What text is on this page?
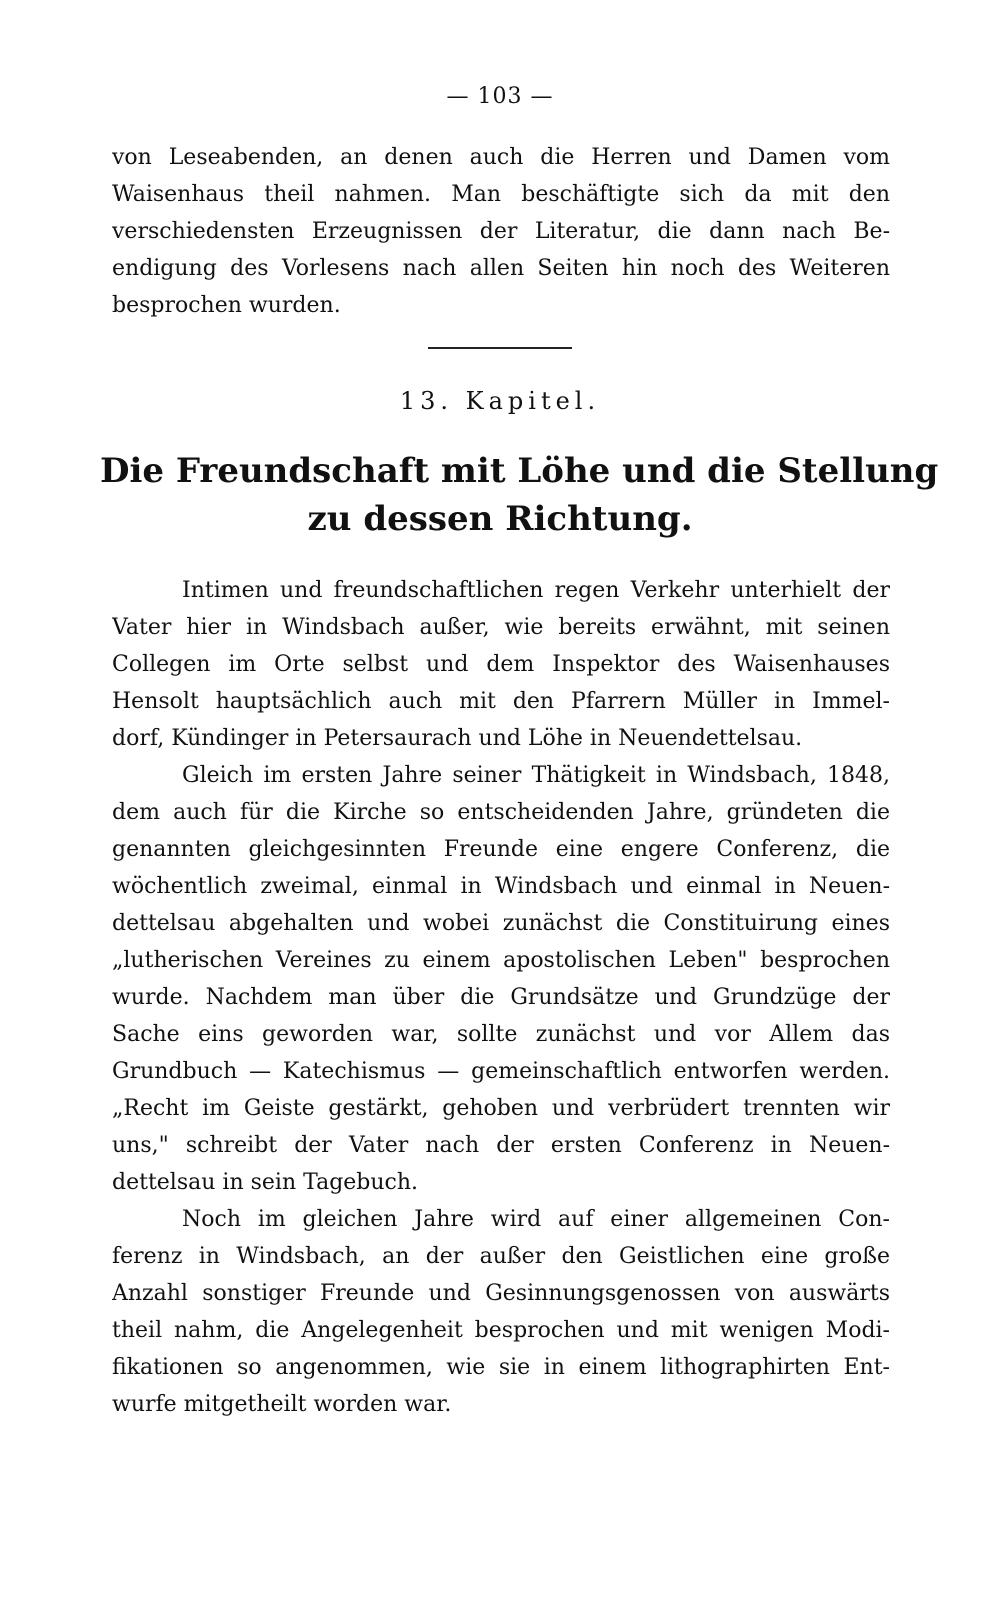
— 103 —
von Leseabenden, an denen auch die Herren und Damen vom
Waisenhaus theil nahmen. Man beschäftigte sich da mit den
verschiedensten Erzeugnissen der Literatur, die dann nach Be-
endigung des Vorlesens nach allen Seiten hin noch des Weiteren
besprochen wurden.
13. Kapitel.
Die Freundschaft mit Löhe und die Stellung
zu dessen Richtung.
Intimen und freundschaftlichen regen Verkehr unterhielt der
Vater hier in Windsbach außer, wie bereits erwähnt, mit seinen
Collegen im Orte selbst und dem Inspektor des Waisenhauses
Hensolt hauptsächlich auch mit den Pfarrern Müller in Immel-
dorf, Kündinger in Petersaurach und Löhe in Neuendettelsau.
Gleich im ersten Jahre seiner Thätigkeit in Windsbach, 1848,
dem auch für die Kirche so entscheidenden Jahre, gründeten die
genannten gleichgesinnten Freunde eine engere Conferenz, die
wöchentlich zweimal, einmal in Windsbach und einmal in Neuen-
dettelsau abgehalten und wobei zunächst die Constituirung eines
„lutherischen Vereines zu einem apostolischen Leben" besprochen
wurde. Nachdem man über die Grundsätze und Grundzüge der
Sache eins geworden war, sollte zunächst und vor Allem das
Grundbuch — Katechismus — gemeinschaftlich entworfen werden.
„Recht im Geiste gestärkt, gehoben und verbrüdert trennten wir
uns," schreibt der Vater nach der ersten Conferenz in Neuen-
dettelsau in sein Tagebuch.
Noch im gleichen Jahre wird auf einer allgemeinen Con-
ferenz in Windsbach, an der außer den Geistlichen eine große
Anzahl sonstiger Freunde und Gesinnungsgenossen von auswärts
theil nahm, die Angelegenheit besprochen und mit wenigen Modi-
fikationen so angenommen, wie sie in einem lithographirten Ent-
wurfe mitgetheilt worden war.
